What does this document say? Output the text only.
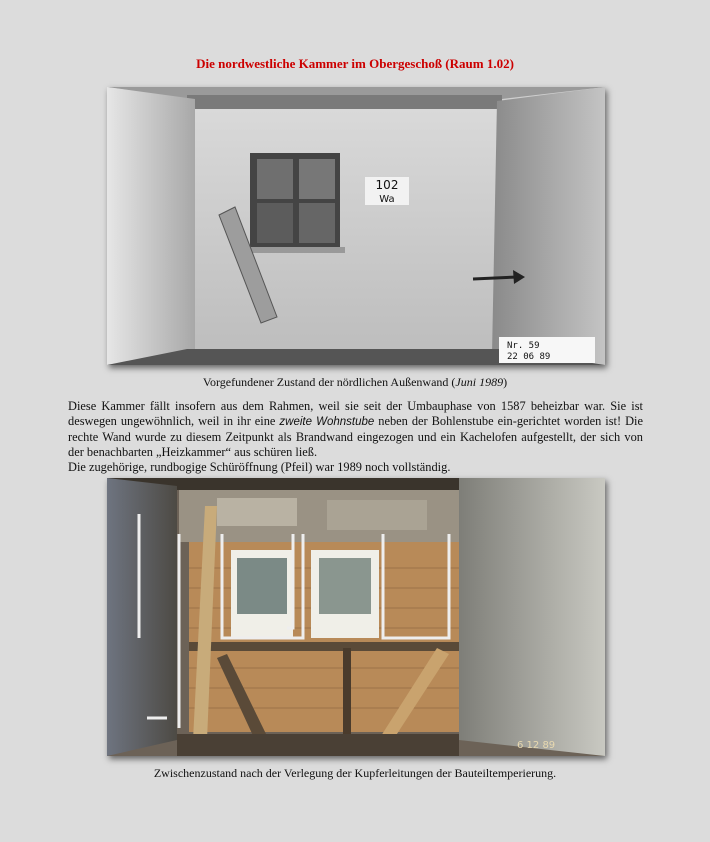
Die nordwestliche Kammer im Obergeschoß (Raum 1.02)
102
Wa
Nr. 59
22 06 89
Vorgefundener Zustand der nördlichen Außenwand (Juni 1989)

Diese Kammer fällt insofern aus dem Rahmen, weil sie seit der Umbauphase von 1587 beheizbar war. Sie ist deswegen ungewöhnlich, weil in ihr eine zweite Wohnstube neben der Bohlenstube ein-gerichtet worden ist! Die rechte Wand wurde zu diesem Zeitpunkt als Brandwand eingezogen und ein Kachelofen aufgestellt, der sich von der benachbarten „Heizkammer“ aus schüren ließ.
Die zugehörige, rundbogige Schüröffnung (Pfeil) war 1989 noch vollständig.

6 12 89
Zwischenzustand nach der Verlegung der Kupferleitungen der Bauteiltemperierung.
